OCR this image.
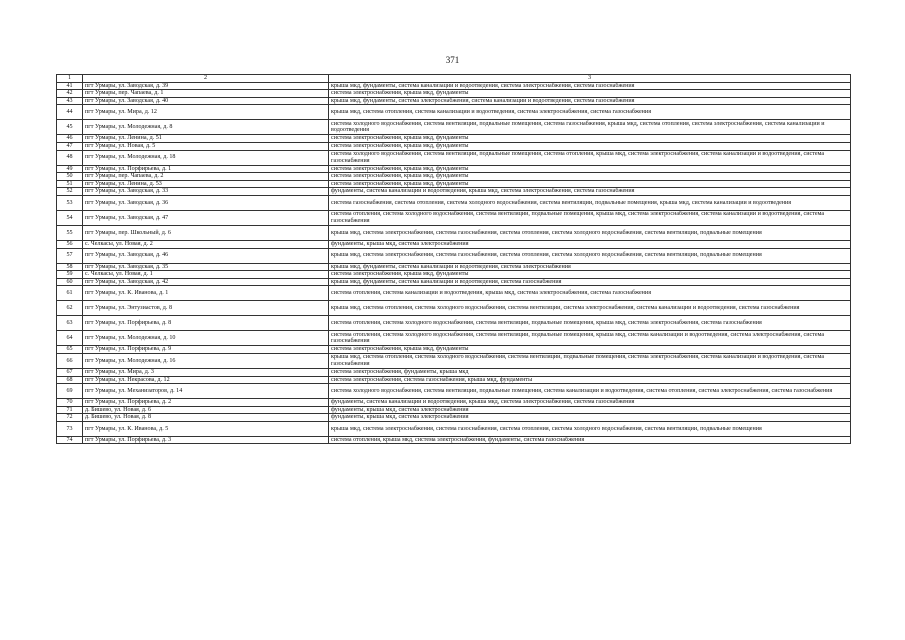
371
1	2	3
41	пгт Урмары, ул. Заводская, д. 39	крыша мкд, фундаменты, система канализации и водоотведения, система электроснабжения, система газоснабжения
42	пгт Урмары, пер. Чапаева, д. 1	система электроснабжения, крыша мкд, фундаменты
43	пгт Урмары, ул. Заводская, д. 40	крыша мкд, фундаменты, система электроснабжения, система канализации и водоотведения, система газоснабжения
44	пгт Урмары, ул. Мира, д. 12	крыша мкд, система отопления, система канализации и водоотведения, система электроснабжения, система газоснабжения
45	пгт Урмары, ул. Молодежная, д. 8	система холодного водоснабжения, система вентиляции, подвальные помещения, система газоснабжения, крыша мкд, система отопления, система электроснабжения, система канализации и водоотведения
46	пгт Урмары, ул. Ленина, д. 51	система электроснабжения, крыша мкд, фундаменты
47	пгт Урмары, ул. Новая, д. 5	система электроснабжения, крыша мкд, фундаменты
48	пгт Урмары, ул. Молодежная, д. 18	система холодного водоснабжения, система вентиляции, подвальные помещения, система отопления, крыша мкд, система электроснабжения, система канализации и водоотведения, система газоснабжения
49	пгт Урмары, ул. Порфирьева, д. 1	система электроснабжения, крыша мкд, фундаменты
50	пгт Урмары, пер. Чапаева, д. 2	система электроснабжения, крыша мкд, фундаменты
51	пгт Урмары, ул. Ленина, д. 53	система электроснабжения, крыша мкд, фундаменты
52	пгт Урмары, ул. Заводская, д. 33	фундаменты, система канализации и водоотведения, крыша мкд, система электроснабжения, система газоснабжения
53	пгт Урмары, ул. Заводская, д. 36	система газоснабжения, система отопления, система холодного водоснабжения, система вентиляции, подвальные помещения, крыша мкд, система канализации и водоотведения
54	пгт Урмары, ул. Заводская, д. 47	система отопления, система холодного водоснабжения, система вентиляции, подвальные помещения, крыша мкд, система электроснабжения, система канализации и водоотведения, система газоснабжения
55	пгт Урмары, пер. Школьный, д. 6	крыша мкд, система электроснабжения, система газоснабжения, система отопления, система холодного водоснабжения, система вентиляции, подвальные помещения
56	с. Челкасы, ул. Новая, д. 2	фундаменты, крыша мкд, система электроснабжения
57	пгт Урмары, ул. Заводская, д. 46	крыша мкд, система электроснабжения, система газоснабжения, система отопления, система холодного водоснабжения, система вентиляции, подвальные помещения
58	пгт Урмары, ул. Заводская, д. 35	крыша мкд, фундаменты, система канализации и водоотведения, система электроснабжения
59	с. Челкасы, ул. Новая, д. 1	система электроснабжения, крыша мкд, фундаменты
60	пгт Урмары, ул. Заводская, д. 42	крыша мкд, фундаменты, система канализации и водоотведения, система газоснабжения
61	пгт Урмары, ул. К. Иванова, д. 1	система отопления, система канализации и водоотведения, крыша мкд, система электроснабжения, система газоснабжения
62	пгт Урмары, ул. Энтузиастов, д. 8	крыша мкд, система отопления, система холодного водоснабжения, система вентиляции, система электроснабжения, система канализации и водоотведения, система газоснабжения
63	пгт Урмары, ул. Порфирьева, д. 8	система отопления, система холодного водоснабжения, система вентиляции, подвальные помещения, крыша мкд, система электроснабжения, система газоснабжения
64	пгт Урмары, ул. Молодежная, д. 10	система отопления, система холодного водоснабжения, система вентиляции, подвальные помещения, крыша мкд, система канализации и водоотведения, система электроснабжения, система газоснабжения
65	пгт Урмары, ул. Порфирьева, д. 9	система электроснабжения, крыша мкд, фундаменты
66	пгт Урмары, ул. Молодежная, д. 16	крыша мкд, система отопления, система холодного водоснабжения, система вентиляции, подвальные помещения, система электроснабжения, система канализации и водоотведения, система газоснабжения
67	пгт Урмары, ул. Мира, д. 3	система электроснабжения, фундаменты, крыша мкд
68	пгт Урмары, ул. Некрасова, д. 12	система электроснабжения, система газоснабжения, крыша мкд, фундаменты
69	пгт Урмары, ул. Механизаторов, д. 14	система холодного водоснабжения, система вентиляции, подвальные помещения, система канализации и водоотведения, система отопления, система электроснабжения, система газоснабжения
70	пгт Урмары, ул. Порфирьева, д. 2	фундаменты, система канализации и водоотведения, крыша мкд, система электроснабжения, система газоснабжения
71	д. Бишево, ул. Новая, д. 6	фундаменты, крыша мкд, система электроснабжения
72	д. Бишево, ул. Новая, д. 8	фундаменты, крыша мкд, система электроснабжения
73	пгт Урмары, ул. К. Иванова, д. 5	крыша мкд, система электроснабжения, система газоснабжения, система отопления, система холодного водоснабжения, система вентиляции, подвальные помещения
74	пгт Урмары, ул. Порфирьева, д. 3	система отопления, крыша мкд, система электроснабжения, фундаменты, система газоснабжения
